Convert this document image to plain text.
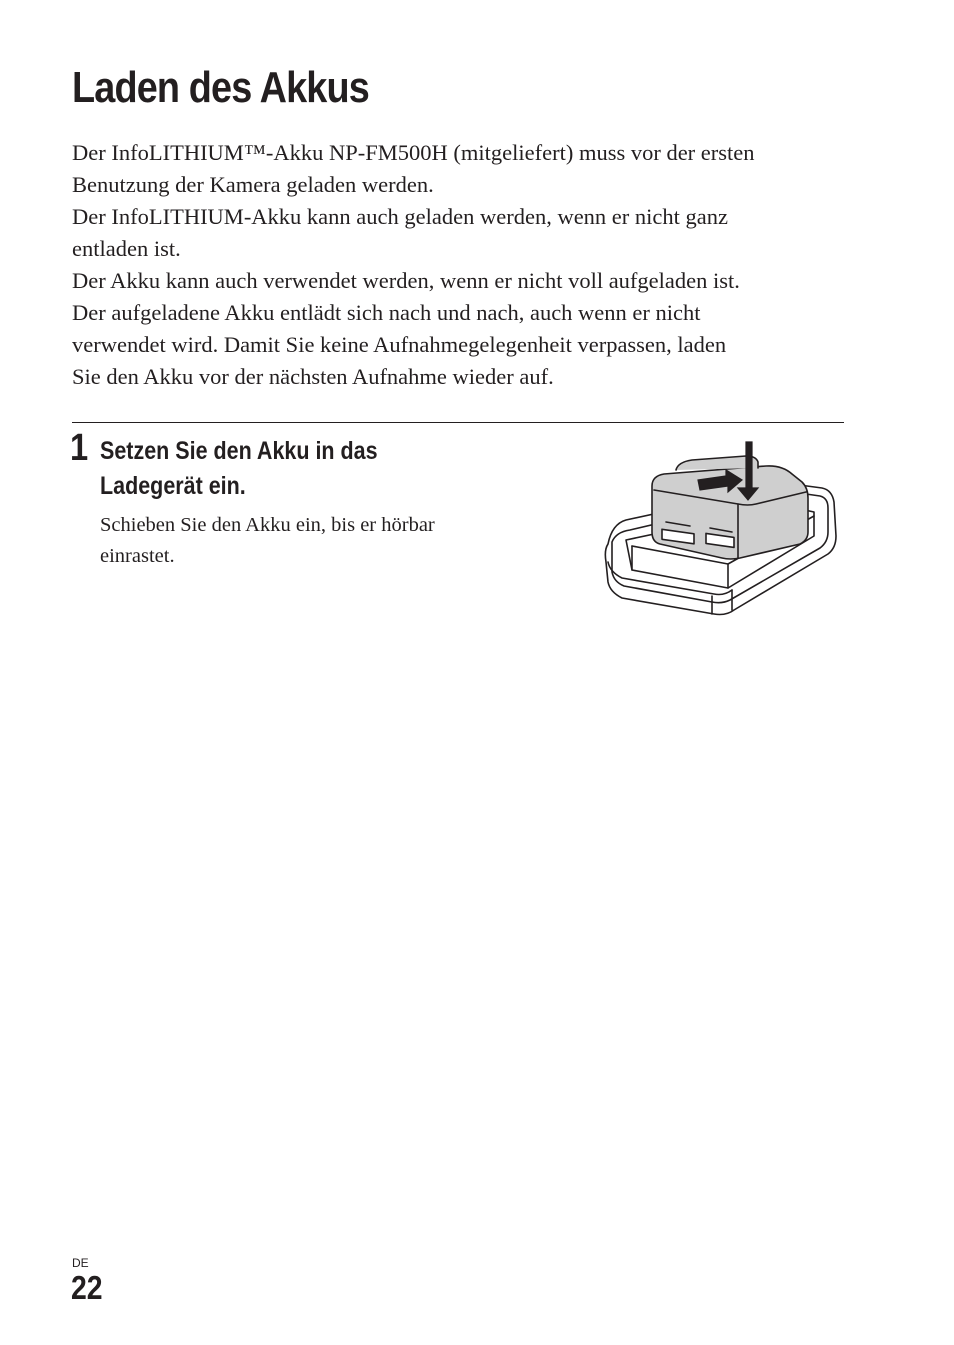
Laden des Akkus

Der InfoLITHIUM™-Akku NP-FM500H (mitgeliefert) muss vor der ersten
Benutzung der Kamera geladen werden.
Der InfoLITHIUM-Akku kann auch geladen werden, wenn er nicht ganz
entladen ist.
Der Akku kann auch verwendet werden, wenn er nicht voll aufgeladen ist.
Der aufgeladene Akku entlädt sich nach und nach, auch wenn er nicht
verwendet wird. Damit Sie keine Aufnahmegelegenheit verpassen, laden
Sie den Akku vor der nächsten Aufnahme wieder auf.

1 Setzen Sie den Akku in das
Ladegerät ein.

Schieben Sie den Akku ein, bis er hörbar
einrastet.

DE
22
